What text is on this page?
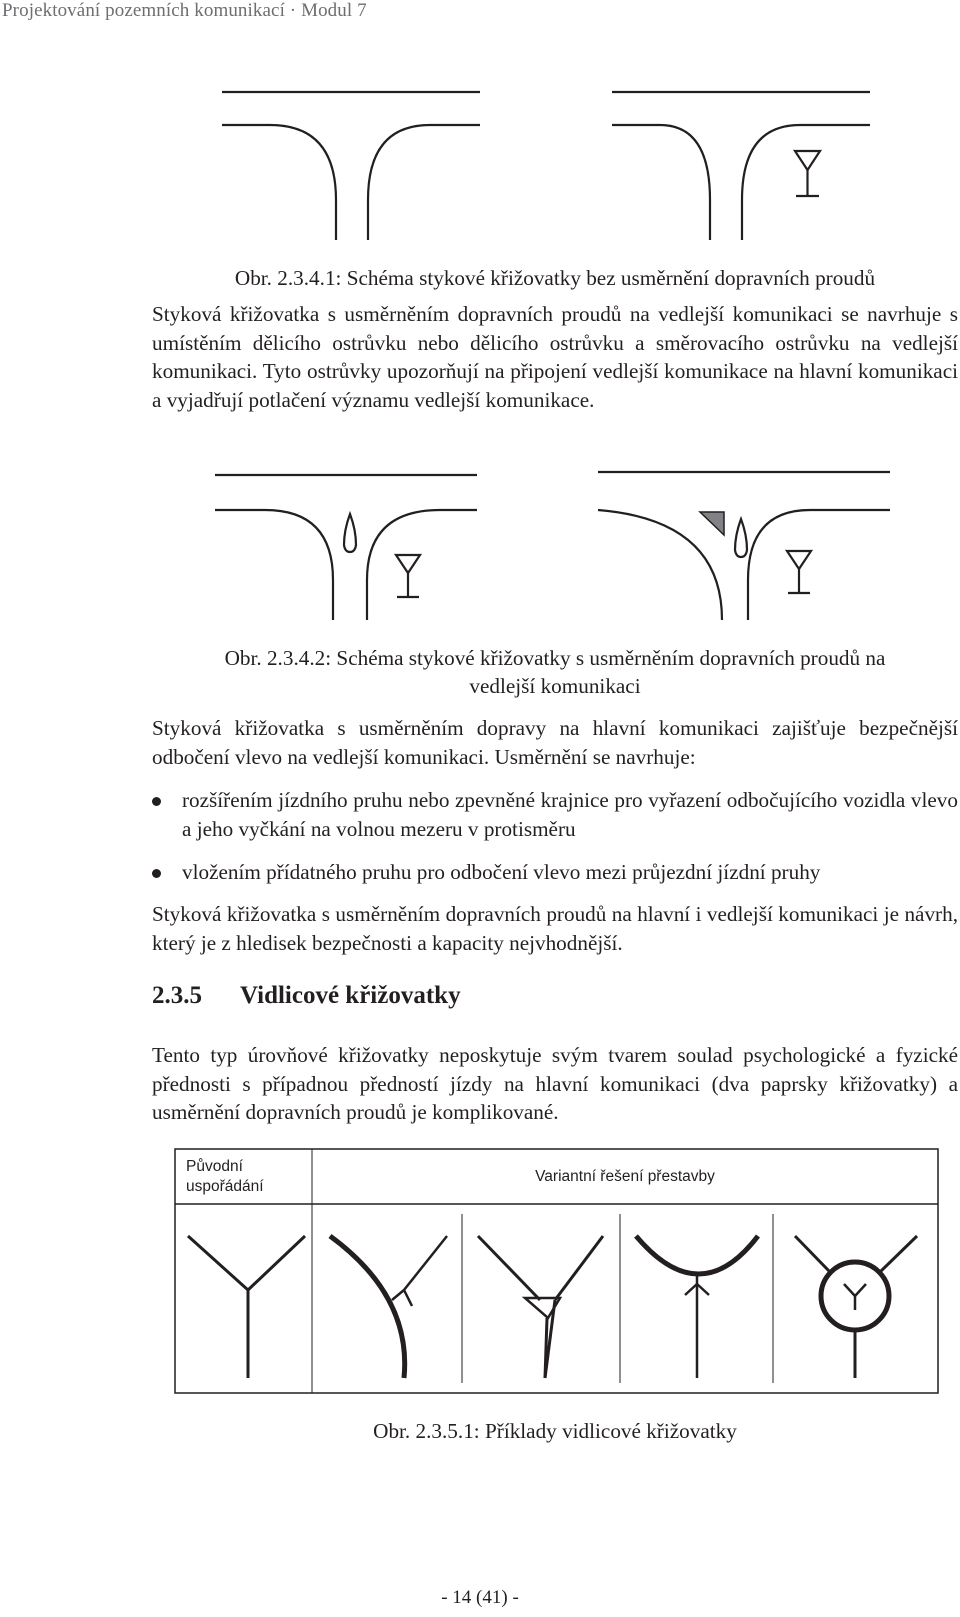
Projektování pozemních komunikací · Modul 7
Obr. 2.3.4.1: Schéma stykové křižovatky bez usměrnění dopravních proudů
Styková křižovatka s usměrněním dopravních proudů na vedlejší komunikaci se navrhuje s umístěním dělicího ostrůvku nebo dělicího ostrůvku a směrovacího ostrůvku na vedlejší komunikaci. Tyto ostrůvky upozorňují na připojení vedlejší komunikace na hlavní komunikaci a vyjadřují potlačení významu vedlejší komunikace.
Obr. 2.3.4.2: Schéma stykové křižovatky s usměrněním dopravních proudů na
vedlejší komunikaci
Styková křižovatka s usměrněním dopravy na hlavní komunikaci zajišťuje bezpečnější odbočení vlevo na vedlejší komunikaci. Usměrnění se navrhuje:
rozšířením jízdního pruhu nebo zpevněné krajnice pro vyřazení odbočujícího vozidla vlevo a jeho vyčkání na volnou mezeru v protisměru
vložením přídatného pruhu pro odbočení vlevo mezi průjezdní jízdní pruhy
Styková křižovatka s usměrněním dopravních proudů na hlavní i vedlejší komunikaci je návrh, který je z hledisek bezpečnosti a kapacity nejvhodnější.
2.3.5 Vidlicové křižovatky
Tento typ úrovňové křižovatky neposkytuje svým tvarem soulad psychologické a fyzické přednosti s případnou předností jízdy na hlavní komunikaci (dva paprsky křižovatky) a usměrnění dopravních proudů je komplikované.
Původní
uspořádání
Variantní řešení přestavby
Obr. 2.3.5.1: Příklady vidlicové křižovatky
- 14 (41) -
